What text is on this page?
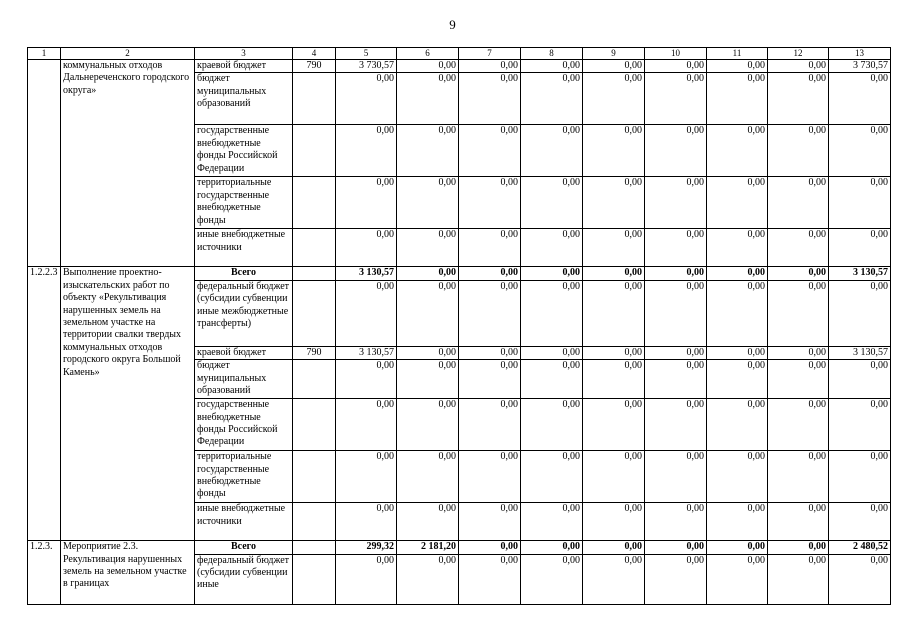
9
1	2	3	4	5	6	7	8	9	10	11	12	13
	коммунальных отходов Дальнереченского городского округа»	краевой бюджет	790	3 730,57	0,00	0,00	0,00	0,00	0,00	0,00	0,00	3 730,57
		бюджет муниципальных образований		0,00	0,00	0,00	0,00	0,00	0,00	0,00	0,00	0,00
		государственные внебюджетные фонды Российской Федерации		0,00	0,00	0,00	0,00	0,00	0,00	0,00	0,00	0,00
		территориальные государственные внебюджетные фонды		0,00	0,00	0,00	0,00	0,00	0,00	0,00	0,00	0,00
		иные внебюджетные источники		0,00	0,00	0,00	0,00	0,00	0,00	0,00	0,00	0,00
1.2.2.3	Выполнение проектно-изыскательских работ по объекту «Рекультивация нарушенных земель на земельном участке на территории свалки твердых коммунальных отходов городского округа Большой Камень»	Всего		3 130,57	0,00	0,00	0,00	0,00	0,00	0,00	0,00	3 130,57
		федеральный бюджет (субсидии субвенции иные межбюджетные трансферты)		0,00	0,00	0,00	0,00	0,00	0,00	0,00	0,00	0,00
		краевой бюджет	790	3 130,57	0,00	0,00	0,00	0,00	0,00	0,00	0,00	3 130,57
		бюджет муниципальных образований		0,00	0,00	0,00	0,00	0,00	0,00	0,00	0,00	0,00
		государственные внебюджетные фонды Российской Федерации		0,00	0,00	0,00	0,00	0,00	0,00	0,00	0,00	0,00
		территориальные государственные внебюджетные фонды		0,00	0,00	0,00	0,00	0,00	0,00	0,00	0,00	0,00
		иные внебюджетные источники		0,00	0,00	0,00	0,00	0,00	0,00	0,00	0,00	0,00
1.2.3.	Мероприятие 2.3. Рекультивация нарушенных земель на земельном участке в границах	Всего		299,32	2 181,20	0,00	0,00	0,00	0,00	0,00	0,00	2 480,52
		федеральный бюджет (субсидии субвенции иные		0,00	0,00	0,00	0,00	0,00	0,00	0,00	0,00	0,00
